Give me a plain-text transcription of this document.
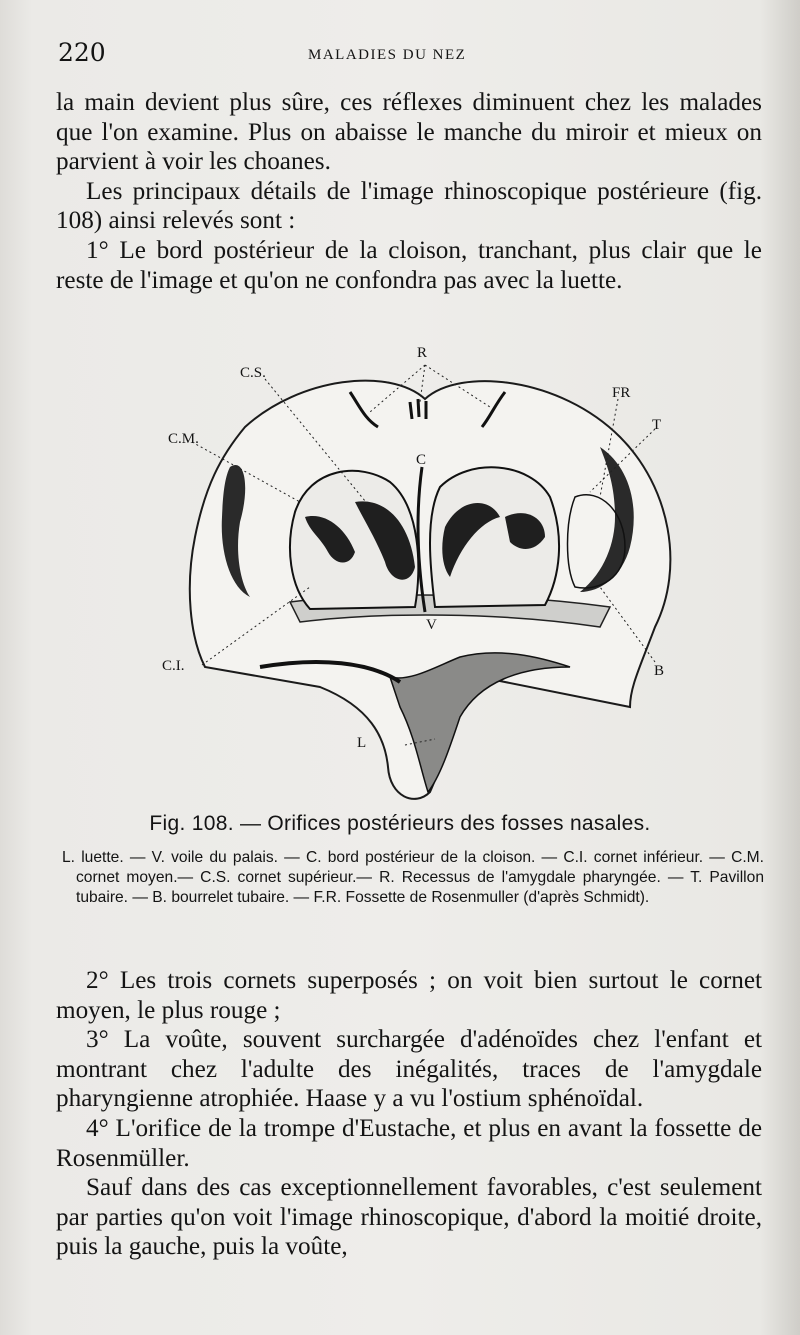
220	MALADIES DU NEZ

la main devient plus sûre, ces réflexes diminuent chez les malades que l'on examine. Plus on abaisse le manche du miroir et mieux on parvient à voir les choanes.

Les principaux détails de l'image rhinoscopique postérieure (fig. 108) ainsi relevés sont :

1° Le bord postérieur de la cloison, tranchant, plus clair que le reste de l'image et qu'on ne confondra pas avec la luette.

R
C.S.
FR
T
C.M.
C
V
C.I.	B
L
Fig. 108. — Orifices postérieurs des fosses nasales.

L. luette. — V. voile du palais. — C. bord postérieur de la cloison. — C.I. cornet inférieur. — C.M. cornet moyen.— C.S. cornet supérieur.— R. Recessus de l'amygdale pharyngée. — T. Pavillon tubaire. — B. bourrelet tubaire. — F.R. Fossette de Rosenmuller (d'après Schmidt).

2° Les trois cornets superposés ; on voit bien surtout le cornet moyen, le plus rouge ;

3° La voûte, souvent surchargée d'adénoïdes chez l'enfant et montrant chez l'adulte des inégalités, traces de l'amygdale pharyngienne atrophiée. Haase y a vu l'ostium sphénoïdal.

4° L'orifice de la trompe d'Eustache, et plus en avant la fossette de Rosenmüller.

Sauf dans des cas exceptionnellement favorables, c'est seulement par parties qu'on voit l'image rhinoscopique, d'abord la moitié droite, puis la gauche, puis la voûte,
